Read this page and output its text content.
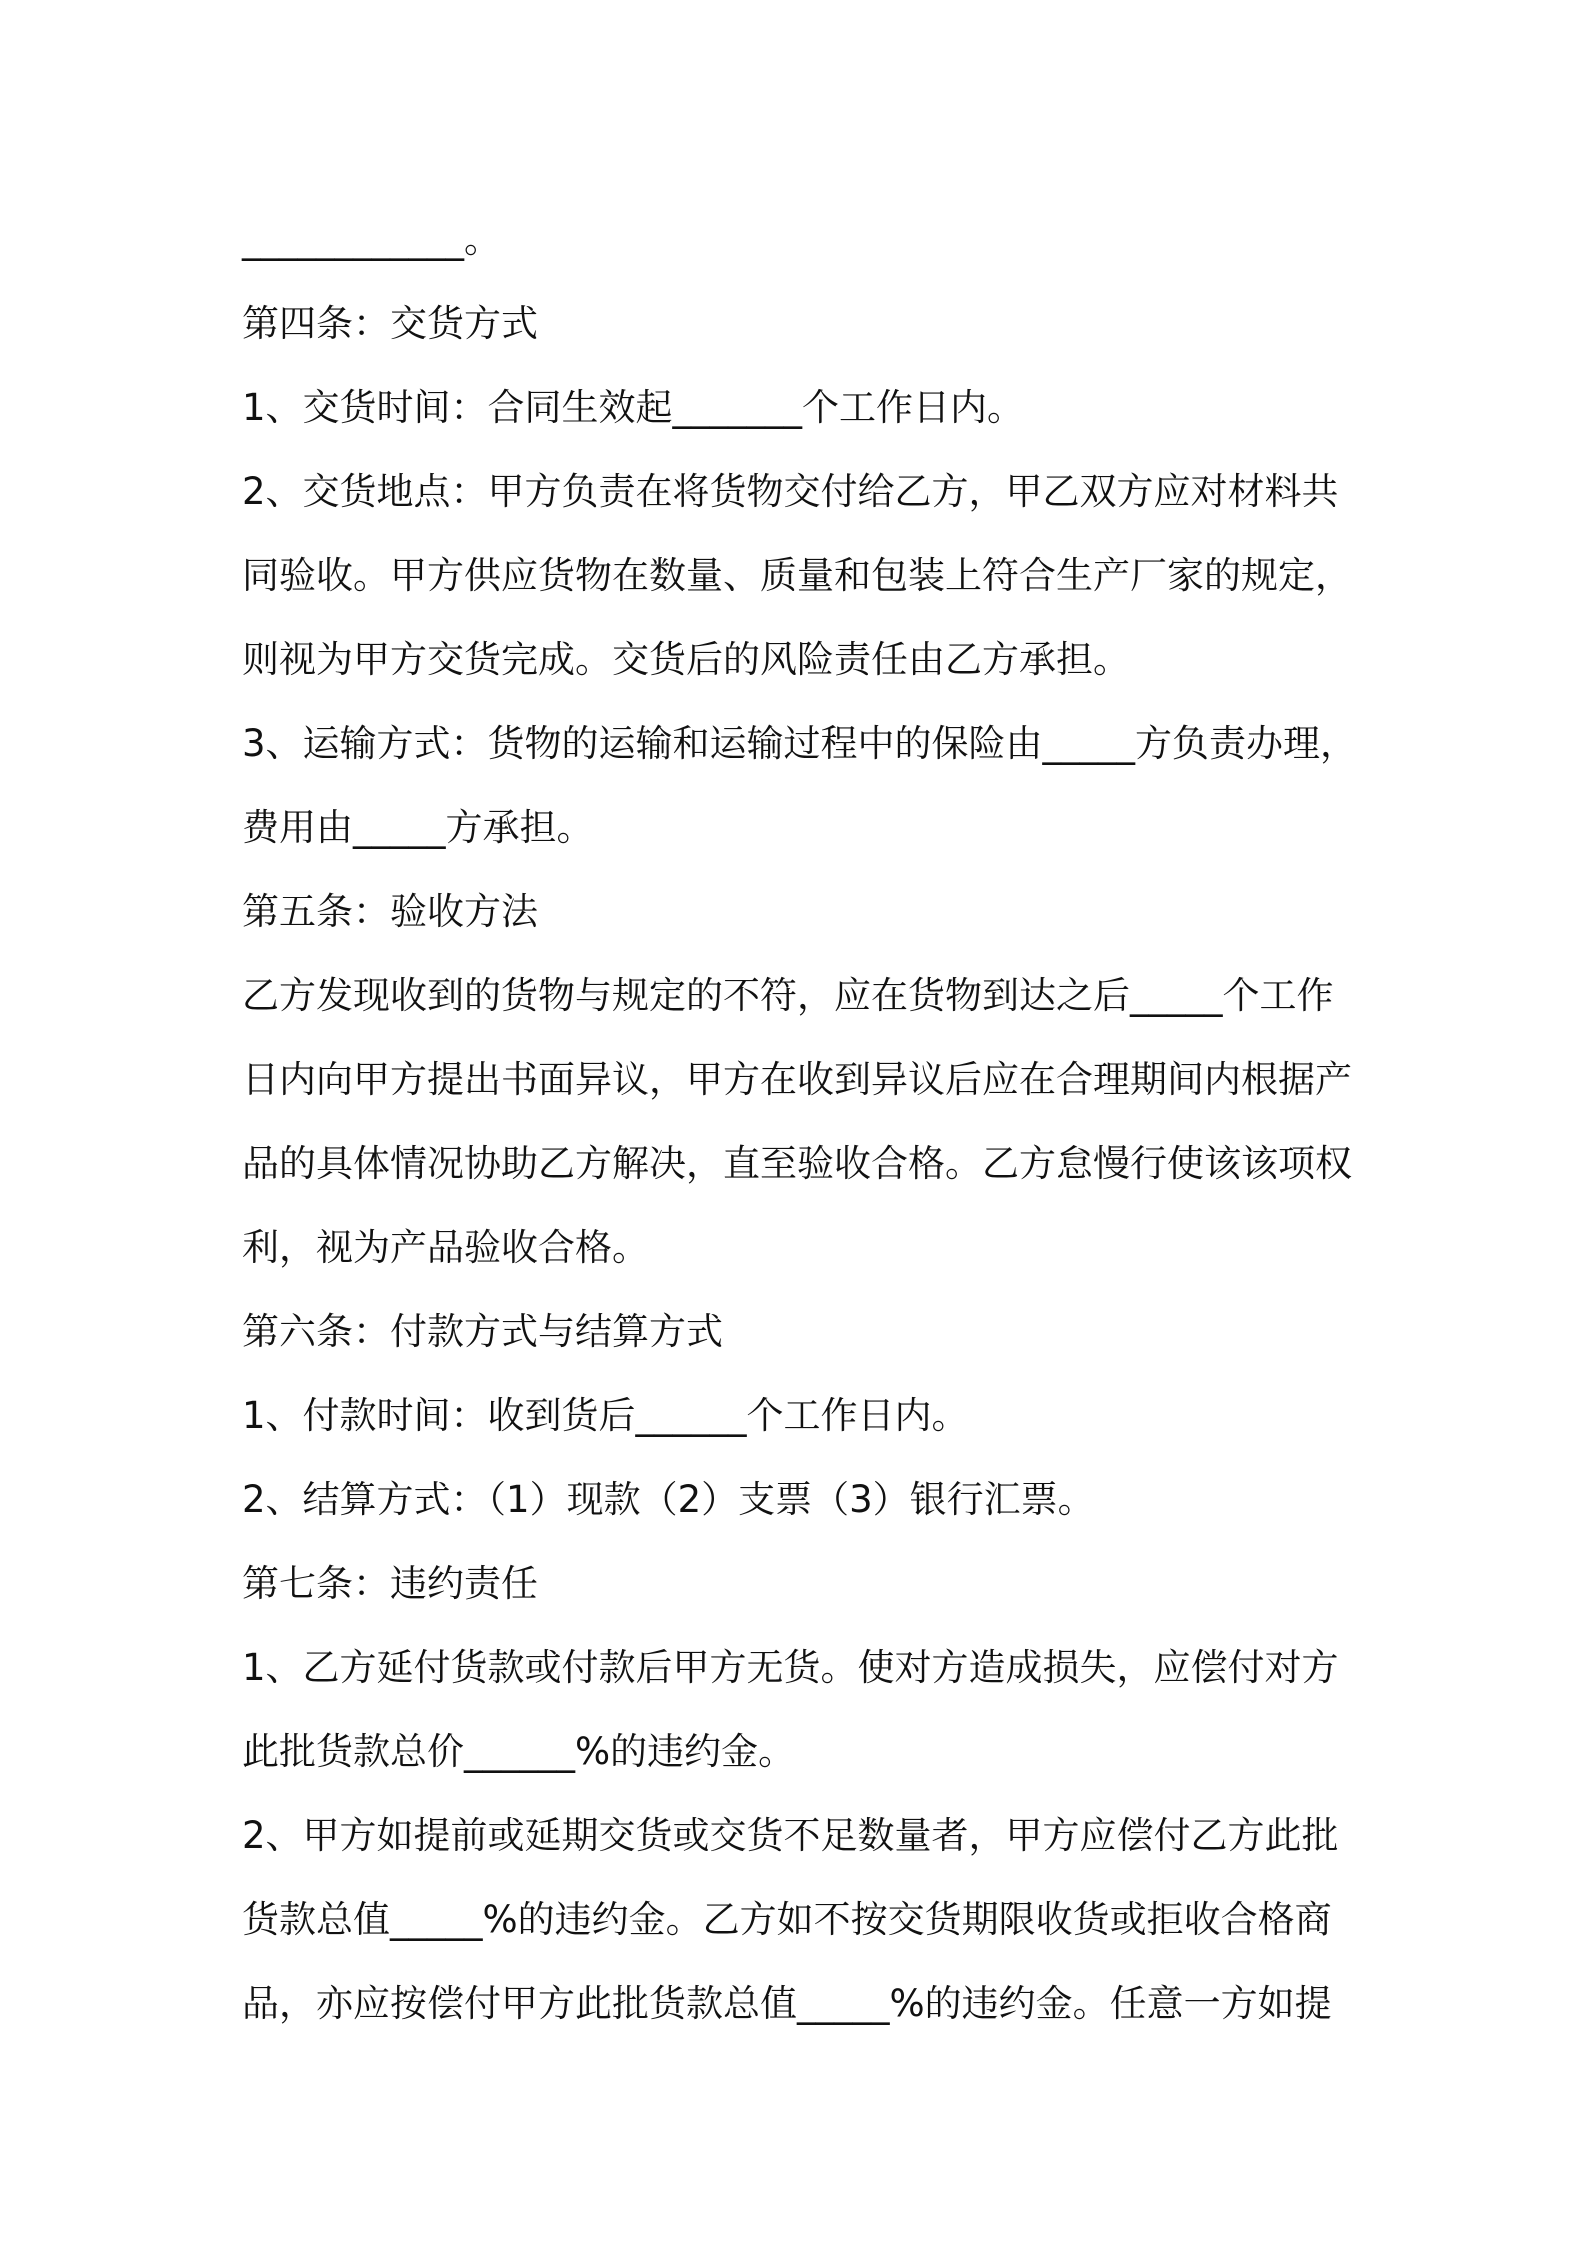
____________。
第四条：交货方式
1、交货时间：合同生效起_______个工作日内。
2、交货地点：甲方负责在将货物交付给乙方，甲乙双方应对材料共
同验收。甲方供应货物在数量、质量和包装上符合生产厂家的规定，
则视为甲方交货完成。交货后的风险责任由乙方承担。
3、运输方式：货物的运输和运输过程中的保险由_____方负责办理，
费用由_____方承担。
第五条：验收方法
乙方发现收到的货物与规定的不符，应在货物到达之后_____个工作
日内向甲方提出书面异议，甲方在收到异议后应在合理期间内根据产
品的具体情况协助乙方解决，直至验收合格。乙方怠慢行使该该项权
利，视为产品验收合格。
第六条：付款方式与结算方式
1、付款时间：收到货后______个工作日内。
2、结算方式：（1）现款（2）支票（3）银行汇票。
第七条：违约责任
1、乙方延付货款或付款后甲方无货。使对方造成损失，应偿付对方
此批货款总价______%的违约金。
2、甲方如提前或延期交货或交货不足数量者，甲方应偿付乙方此批
货款总值_____%的违约金。乙方如不按交货期限收货或拒收合格商
品，亦应按偿付甲方此批货款总值_____%的违约金。任意一方如提
